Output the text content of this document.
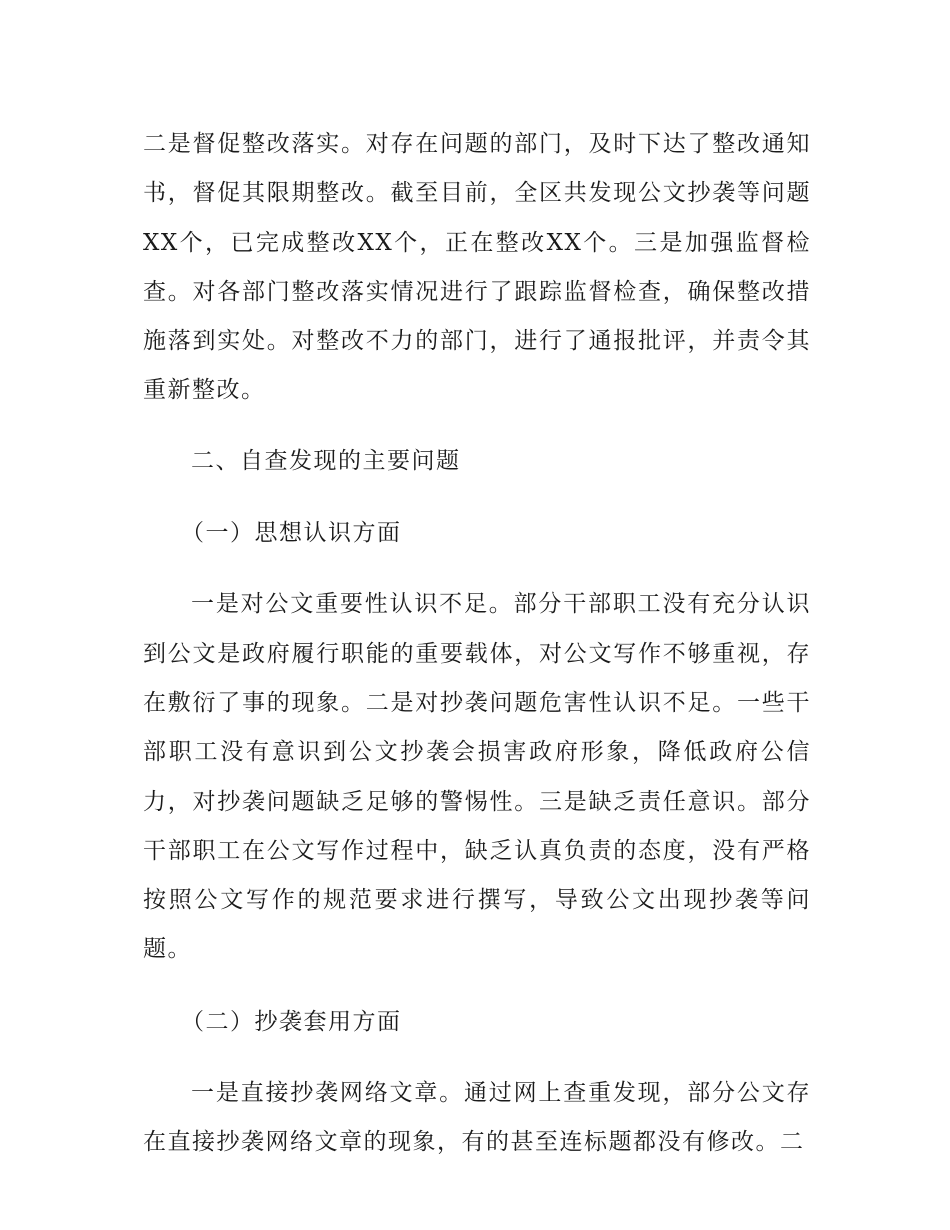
二是督促整改落实。对存在问题的部门，及时下达了整改通知书，督促其限期整改。截至目前，全区共发现公文抄袭等问题XX个，已完成整改XX个，正在整改XX个。三是加强监督检查。对各部门整改落实情况进行了跟踪监督检查，确保整改措施落到实处。对整改不力的部门，进行了通报批评，并责令其重新整改。

二、自查发现的主要问题

（一）思想认识方面

一是对公文重要性认识不足。部分干部职工没有充分认识到公文是政府履行职能的重要载体，对公文写作不够重视，存在敷衍了事的现象。二是对抄袭问题危害性认识不足。一些干部职工没有意识到公文抄袭会损害政府形象，降低政府公信力，对抄袭问题缺乏足够的警惕性。三是缺乏责任意识。部分干部职工在公文写作过程中，缺乏认真负责的态度，没有严格按照公文写作的规范要求进行撰写，导致公文出现抄袭等问题。

（二）抄袭套用方面

一是直接抄袭网络文章。通过网上查重发现，部分公文存在直接抄袭网络文章的现象，有的甚至连标题都没有修改。二
